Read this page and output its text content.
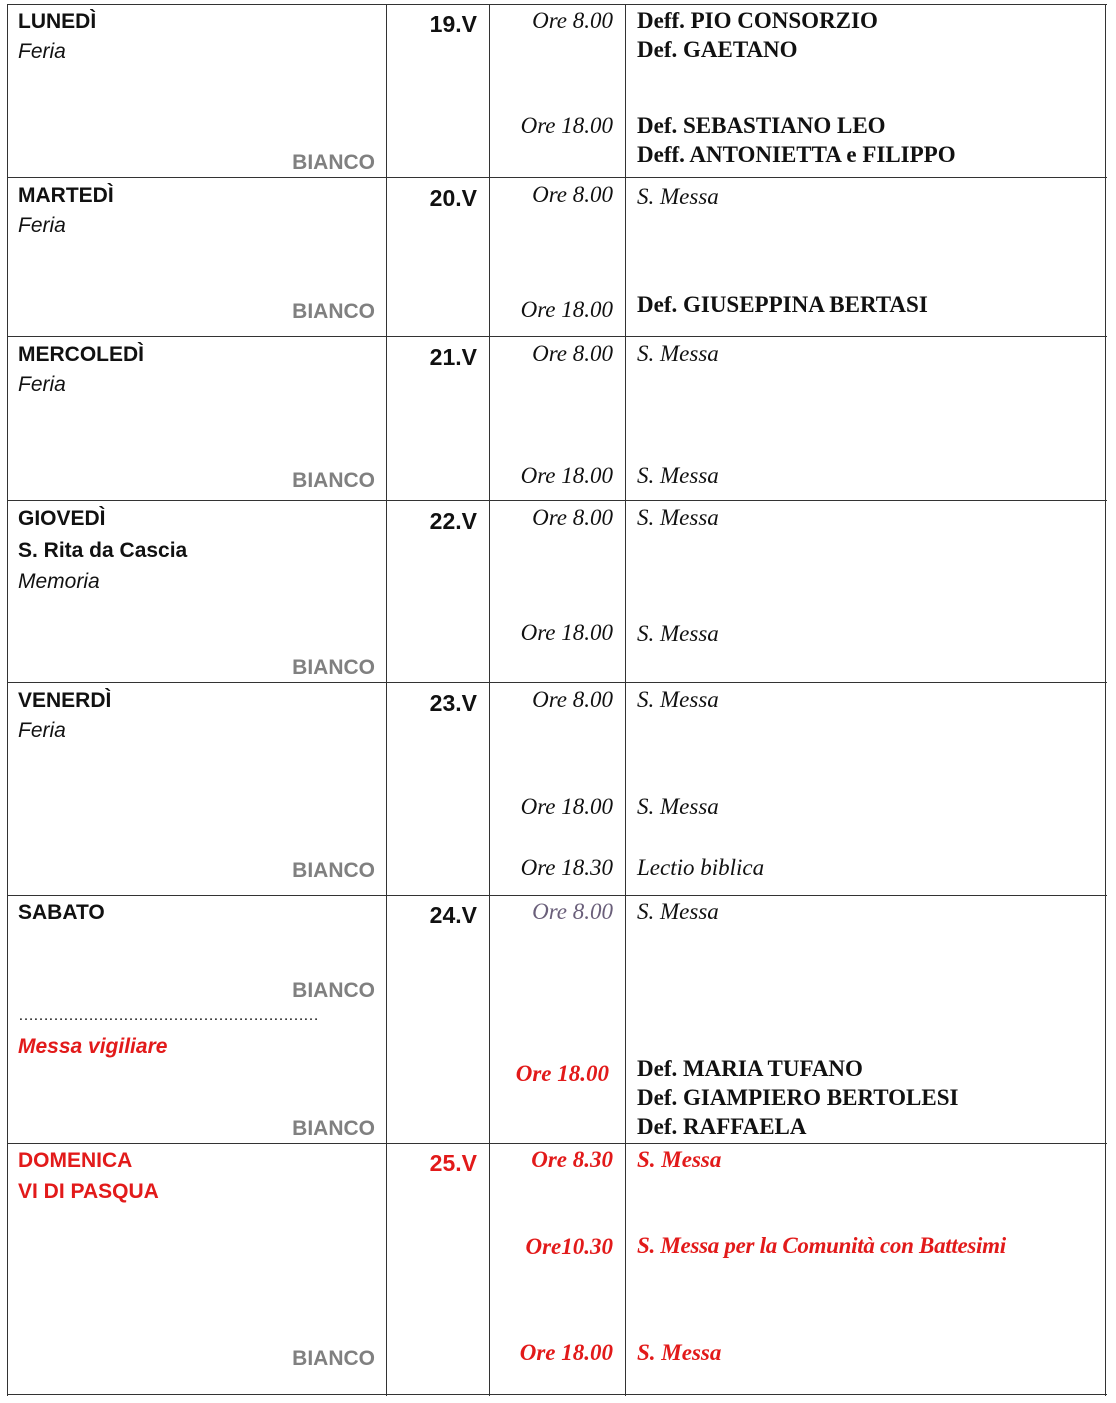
LUNEDÌ
Feria
BIANCO
19.V Ore 8.00
Ore 18.00
Deff. PIO CONSORZIO
Def. GAETANO
Def. SEBASTIANO LEO
Deff. ANTONIETTA e FILIPPO
MARTEDÌ
Feria
BIANCO
20.V Ore 8.00
Ore 18.00
S. Messa
Def. GIUSEPPINA BERTASI
MERCOLEDÌ
Feria
BIANCO
21.V Ore 8.00
Ore 18.00
S. Messa
S. Messa
GIOVEDÌ
S. Rita da Cascia
Memoria
BIANCO
22.V Ore 8.00
Ore 18.00
S. Messa
S. Messa
VENERDÌ
Feria
BIANCO
23.V Ore 8.00
Ore 18.00
Ore 18.30
S. Messa
S. Messa
Lectio biblica
SABATO
BIANCO
……………………………………………………
Messa vigiliare
BIANCO
24.V Ore 8.00
Ore 18.00
S. Messa
Def. MARIA TUFANO
Def. GIAMPIERO BERTOLESI
Def. RAFFAELA
DOMENICA
VI DI PASQUA
BIANCO
25.V Ore 8.30
Ore10.30
Ore 18.00
S. Messa
S. Messa per la Comunità con Battesimi
S. Messa
